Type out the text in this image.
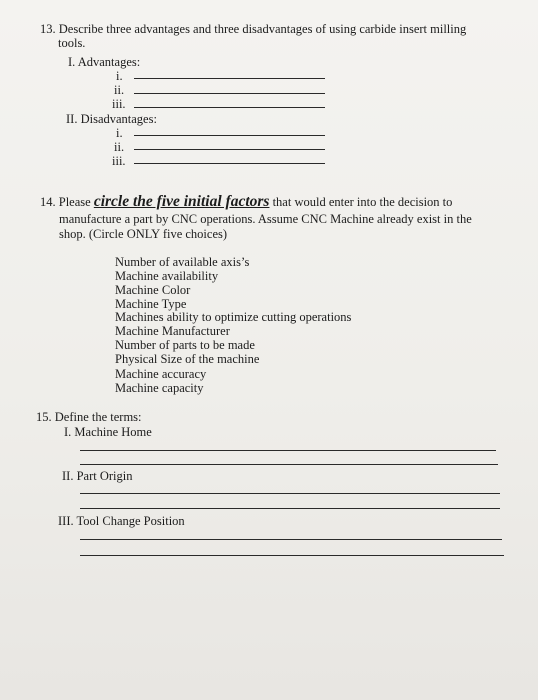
13. Describe three advantages and three disadvantages of using carbide insert milling
tools.
I. Advantages:
i.
ii.
iii.
II. Disadvantages:
i.
ii.
iii.
14. Please circle the five initial factors that would enter into the decision to
manufacture a part by CNC operations. Assume CNC Machine already exist in the
shop. (Circle ONLY five choices)
Number of available axis’s
Machine availability
Machine Color
Machine Type
Machines ability to optimize cutting operations
Machine Manufacturer
Number of parts to be made
Physical Size of the machine
Machine accuracy
Machine capacity
15. Define the terms:
I. Machine Home
II. Part Origin
III. Tool Change Position
